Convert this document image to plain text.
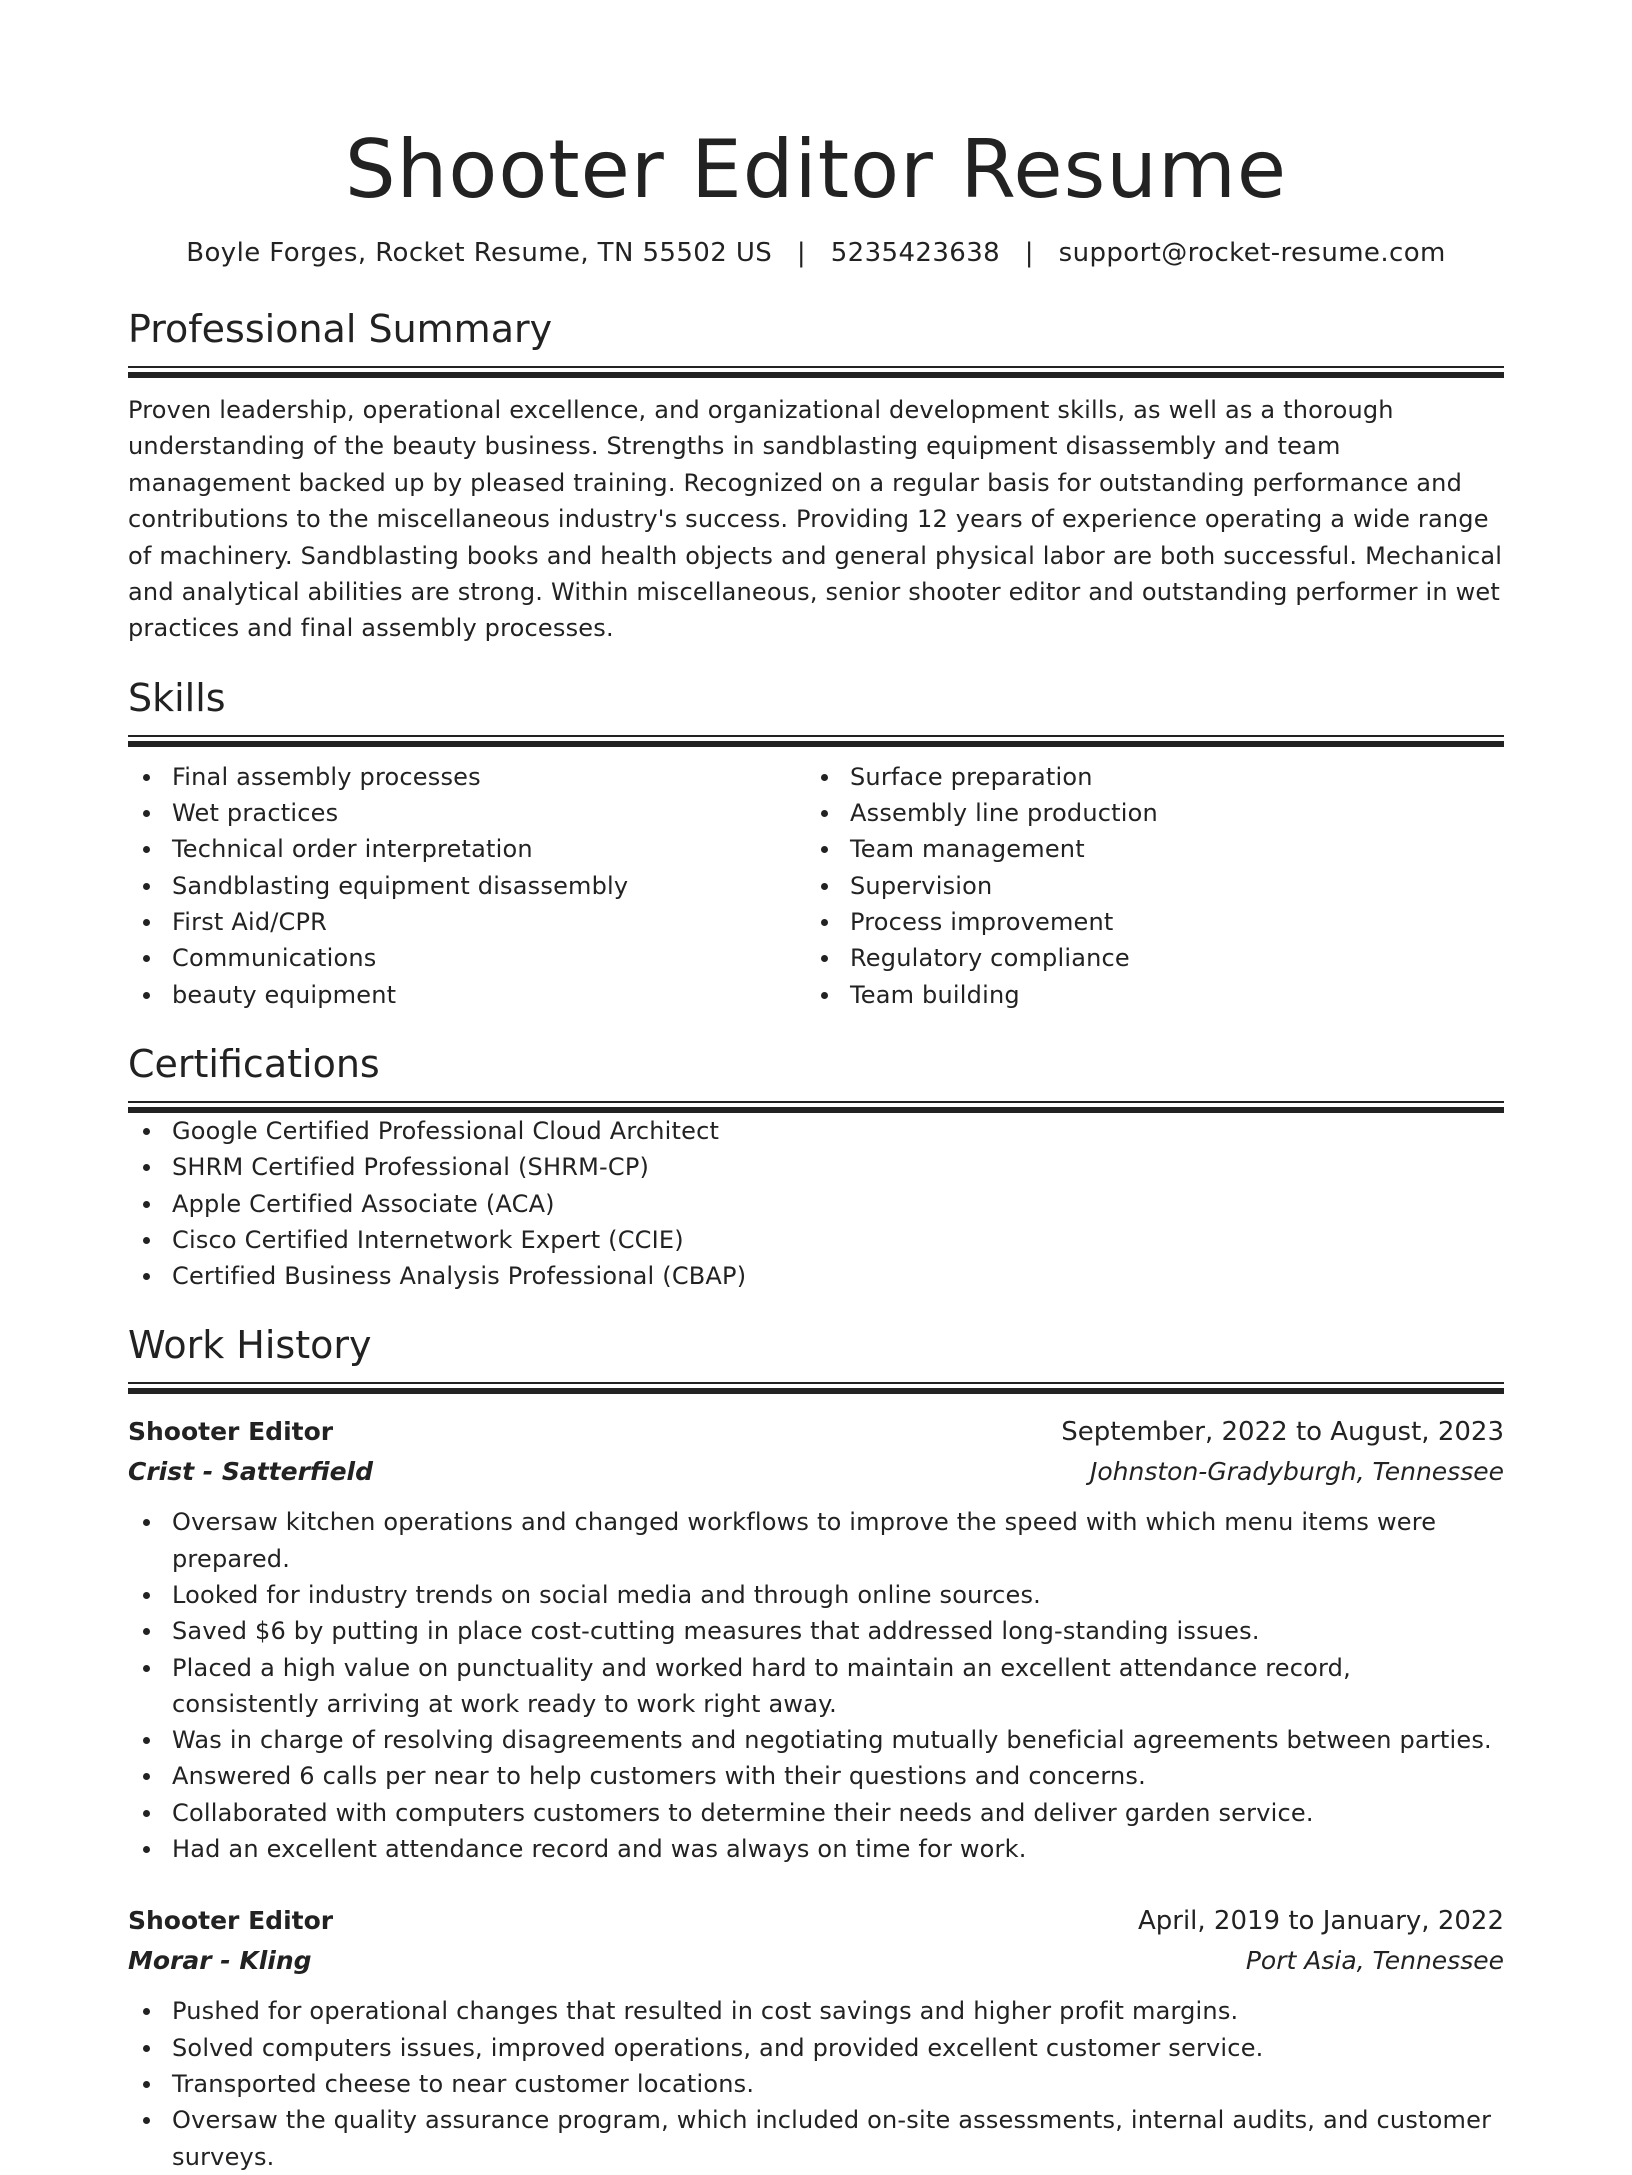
Shooter Editor Resume
Boyle Forges, Rocket Resume, TN 55502 US | 5235423638 | support@rocket-resume.com
Professional Summary

Proven leadership, operational excellence, and organizational development skills, as well as a thorough understanding of the beauty business. Strengths in sandblasting equipment disassembly and team management backed up by pleased training. Recognized on a regular basis for outstanding performance and contributions to the miscellaneous industry's success. Providing 12 years of experience operating a wide range of machinery. Sandblasting books and health objects and general physical labor are both successful. Mechanical and analytical abilities are strong. Within miscellaneous, senior shooter editor and outstanding performer in wet practices and final assembly processes.

Skills
Final assembly processes
Wet practices
Technical order interpretation
Sandblasting equipment disassembly
First Aid/CPR
Communications
beauty equipment
Surface preparation
Assembly line production
Team management
Supervision
Process improvement
Regulatory compliance
Team building
Certifications
Google Certified Professional Cloud Architect
SHRM Certified Professional (SHRM-CP)
Apple Certified Associate (ACA)
Cisco Certified Internetwork Expert (CCIE)
Certified Business Analysis Professional (CBAP)
Work History
Shooter Editor	September, 2022 to August, 2023
Crist - Satterfield	Johnston-Gradyburgh, Tennessee
Oversaw kitchen operations and changed workflows to improve the speed with which menu items were prepared.
Looked for industry trends on social media and through online sources.
Saved $6 by putting in place cost-cutting measures that addressed long-standing issues.
Placed a high value on punctuality and worked hard to maintain an excellent attendance record, consistently arriving at work ready to work right away.
Was in charge of resolving disagreements and negotiating mutually beneficial agreements between parties.
Answered 6 calls per near to help customers with their questions and concerns.
Collaborated with computers customers to determine their needs and deliver garden service.
Had an excellent attendance record and was always on time for work.
Shooter Editor	April, 2019 to January, 2022
Morar - Kling	Port Asia, Tennessee
Pushed for operational changes that resulted in cost savings and higher profit margins.
Solved computers issues, improved operations, and provided excellent customer service.
Transported cheese to near customer locations.
Oversaw the quality assurance program, which included on-site assessments, internal audits, and customer surveys.
